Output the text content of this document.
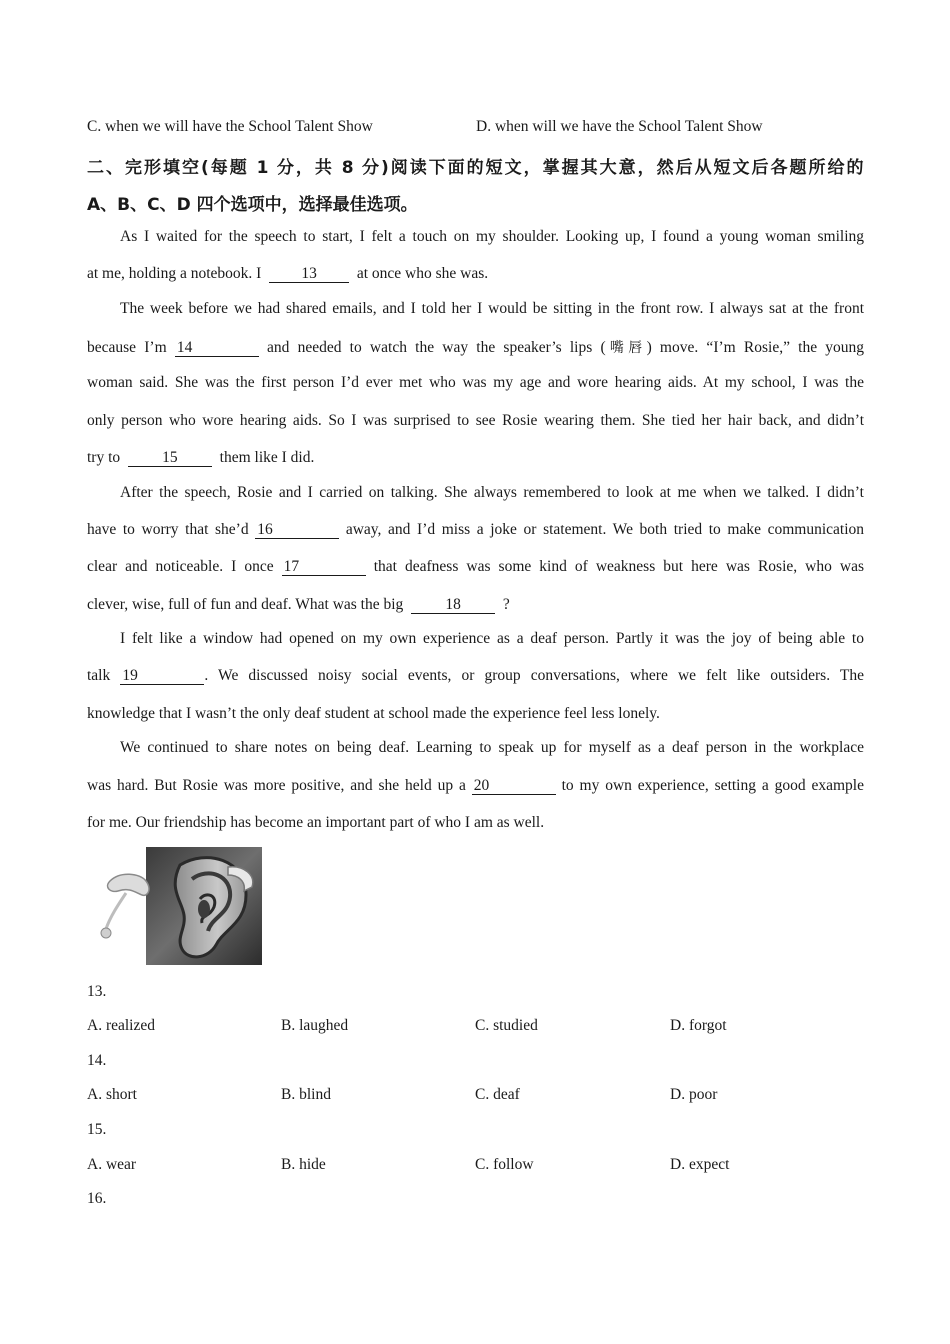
C. when we will have the School Talent Show	D. when will we have the School Talent Show
二、完形填空(每题 1 分，共 8 分)阅读下面的短文，掌握其大意，然后从短文后各题所给的
A、B、C、D 四个选项中，选择最佳选项。
As I waited for the speech to start, I felt a touch on my shoulder. Looking up, I found a young woman smiling
at me, holding a notebook. I	13	at once who she was.
The week before we had shared emails, and I told her I would be sitting in the front row. I always sat at the front
because I’m 14	and needed to watch the way the speaker’s lips (嘴唇) move. “I’m Rosie,” the young
woman said. She was the first person I’d ever met who was my age and wore hearing aids. At my school, I was the
only person who wore hearing aids. So I was surprised to see Rosie wearing them. She tied her hair back, and didn’t
try to	15	them like I did.
After the speech, Rosie and I carried on talking. She always remembered to look at me when we talked. I didn’t
have to worry that she’d 16	away, and I’d miss a joke or statement. We both tried to make communication
clear and noticeable. I once 17	that deafness was some kind of weakness but here was Rosie, who was
clever, wise, full of fun and deaf. What was the big	18	?
I felt like a window had opened on my own experience as a deaf person. Partly it was the joy of being able to
talk 19	. We discussed noisy social events, or group conversations, where we felt like outsiders. The
knowledge that I wasn’t the only deaf student at school made the experience feel less lonely.
We continued to share notes on being deaf. Learning to speak up for myself as a deaf person in the workplace
was hard. But Rosie was more positive, and she held up a 20	to my own experience, setting a good example
for me. Our friendship has become an important part of who I am as well.
13.
A. realized	B. laughed	C. studied	D. forgot
14.
A. short	B. blind	C. deaf	D. poor
15.
A. wear	B. hide	C. follow	D. expect
16.
